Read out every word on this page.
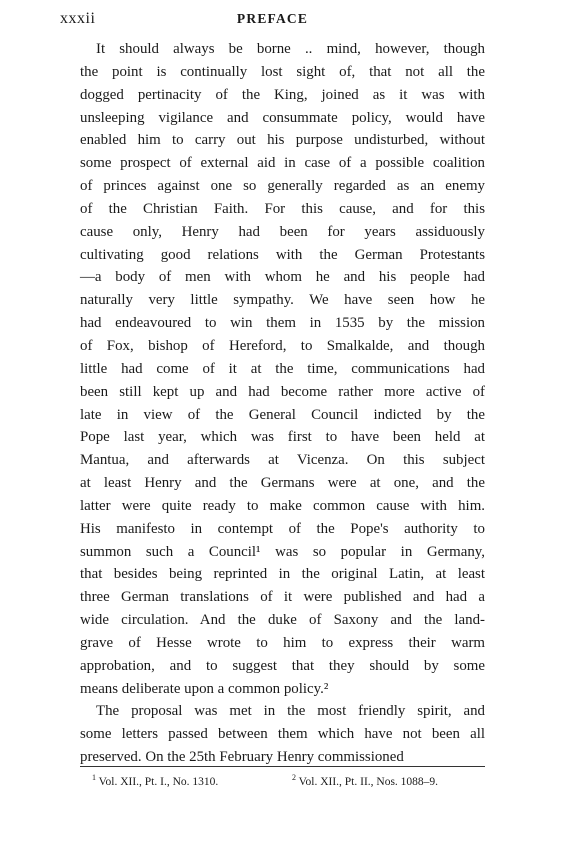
xxxii	PREFACE
It should always be borne .. mind, however, though
the point is continually lost sight of, that not all the
dogged pertinacity of the King, joined as it was with
unsleeping vigilance and consummate policy, would have
enabled him to carry out his purpose undisturbed, without
some prospect of external aid in case of a possible coalition
of princes against one so generally regarded as an enemy
of the Christian Faith. For this cause, and for this
cause only, Henry had been for years assiduously
cultivating good relations with the German Protestants
—a body of men with whom he and his people had
naturally very little sympathy. We have seen how he
had endeavoured to win them in 1535 by the mission
of Fox, bishop of Hereford, to Smalkalde, and though
little had come of it at the time, communications had
been still kept up and had become rather more active of
late in view of the General Council indicted by the
Pope last year, which was first to have been held at
Mantua, and afterwards at Vicenza. On this subject
at least Henry and the Germans were at one, and the
latter were quite ready to make common cause with him.
His manifesto in contempt of the Pope's authority to
summon such a Council¹ was so popular in Germany,
that besides being reprinted in the original Latin, at least
three German translations of it were published and had a
wide circulation. And the duke of Saxony and the land-
grave of Hesse wrote to him to express their warm
approbation, and to suggest that they should by some
means deliberate upon a common policy.²
The proposal was met in the most friendly spirit, and
some letters passed between them which have not been all
preserved. On the 25th February Henry commissioned
$^1$ Vol. XII., Pt. I., No. 1310.	$^2$ Vol. XII., Pt. II., Nos. 1088–9.
